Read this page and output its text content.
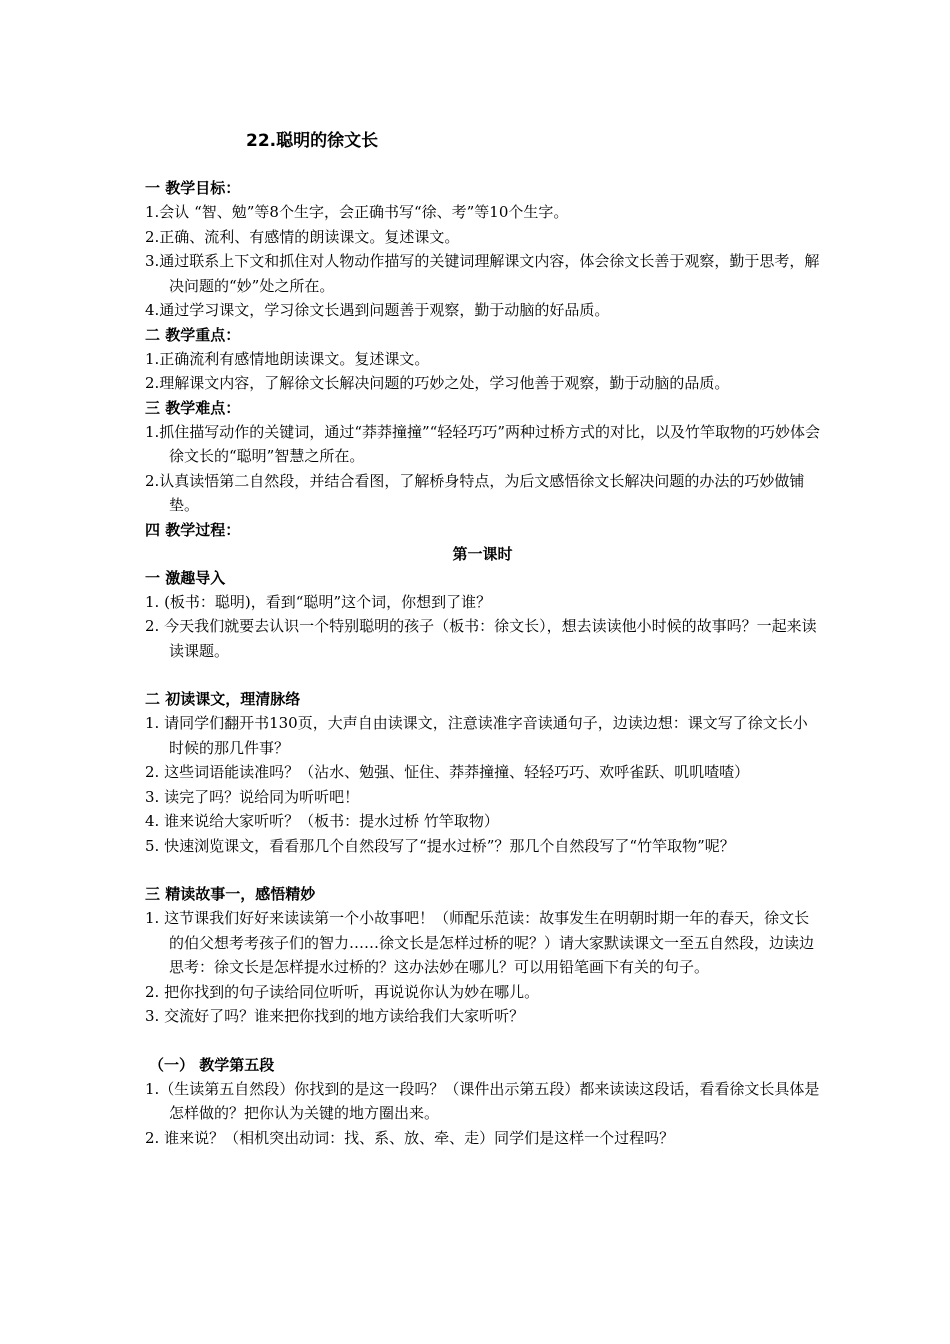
22.聪明的徐文长
一 教学目标：
1.会认 “智、勉”等8个生字，会正确书写“徐、考”等10个生字。
2.正确、流利、有感情的朗读课文。复述课文。
3.通过联系上下文和抓住对人物动作描写的关键词理解课文内容，体会徐文长善于观察，勤于思考，解决问题的“妙”处之所在。
4.通过学习课文，学习徐文长遇到问题善于观察，勤于动脑的好品质。
二 教学重点：
1.正确流利有感情地朗读课文。复述课文。
2.理解课文内容，了解徐文长解决问题的巧妙之处，学习他善于观察，勤于动脑的品质。
三 教学难点：
1.抓住描写动作的关键词，通过“莽莽撞撞”“轻轻巧巧”两种过桥方式的对比，以及竹竿取物的巧妙体会徐文长的“聪明”智慧之所在。
2.认真读悟第二自然段，并结合看图，了解桥身特点，为后文感悟徐文长解决问题的办法的巧妙做铺垫。
四 教学过程：
第一课时
一 激趣导入
1. (板书：聪明)，看到“聪明”这个词，你想到了谁？
2. 今天我们就要去认识一个特别聪明的孩子（板书：徐文长），想去读读他小时候的故事吗？一起来读读课题。
二 初读课文，理清脉络
1. 请同学们翻开书130页，大声自由读课文，注意读准字音读通句子，边读边想：课文写了徐文长小时候的那几件事？
2. 这些词语能读准吗？（沾水、勉强、怔住、莽莽撞撞、轻轻巧巧、欢呼雀跃、叽叽喳喳）
3. 读完了吗？说给同为听听吧！
4. 谁来说给大家听听？（板书：提水过桥 竹竿取物）
5. 快速浏览课文，看看那几个自然段写了“提水过桥”？那几个自然段写了“竹竿取物”呢？
三 精读故事一，感悟精妙
1. 这节课我们好好来读读第一个小故事吧！（师配乐范读：故事发生在明朝时期一年的春天，徐文长的伯父想考考孩子们的智力……徐文长是怎样过桥的呢？）请大家默读课文一至五自然段，边读边思考：徐文长是怎样提水过桥的？这办法妙在哪儿？可以用铅笔画下有关的句子。
2. 把你找到的句子读给同位听听，再说说你认为妙在哪儿。
3. 交流好了吗？谁来把你找到的地方读给我们大家听听？
（一） 教学第五段
1.（生读第五自然段）你找到的是这一段吗？（课件出示第五段）都来读读这段话，看看徐文长具体是怎样做的？把你认为关键的地方圈出来。
2. 谁来说？（相机突出动词：找、系、放、牵、走）同学们是这样一个过程吗？
